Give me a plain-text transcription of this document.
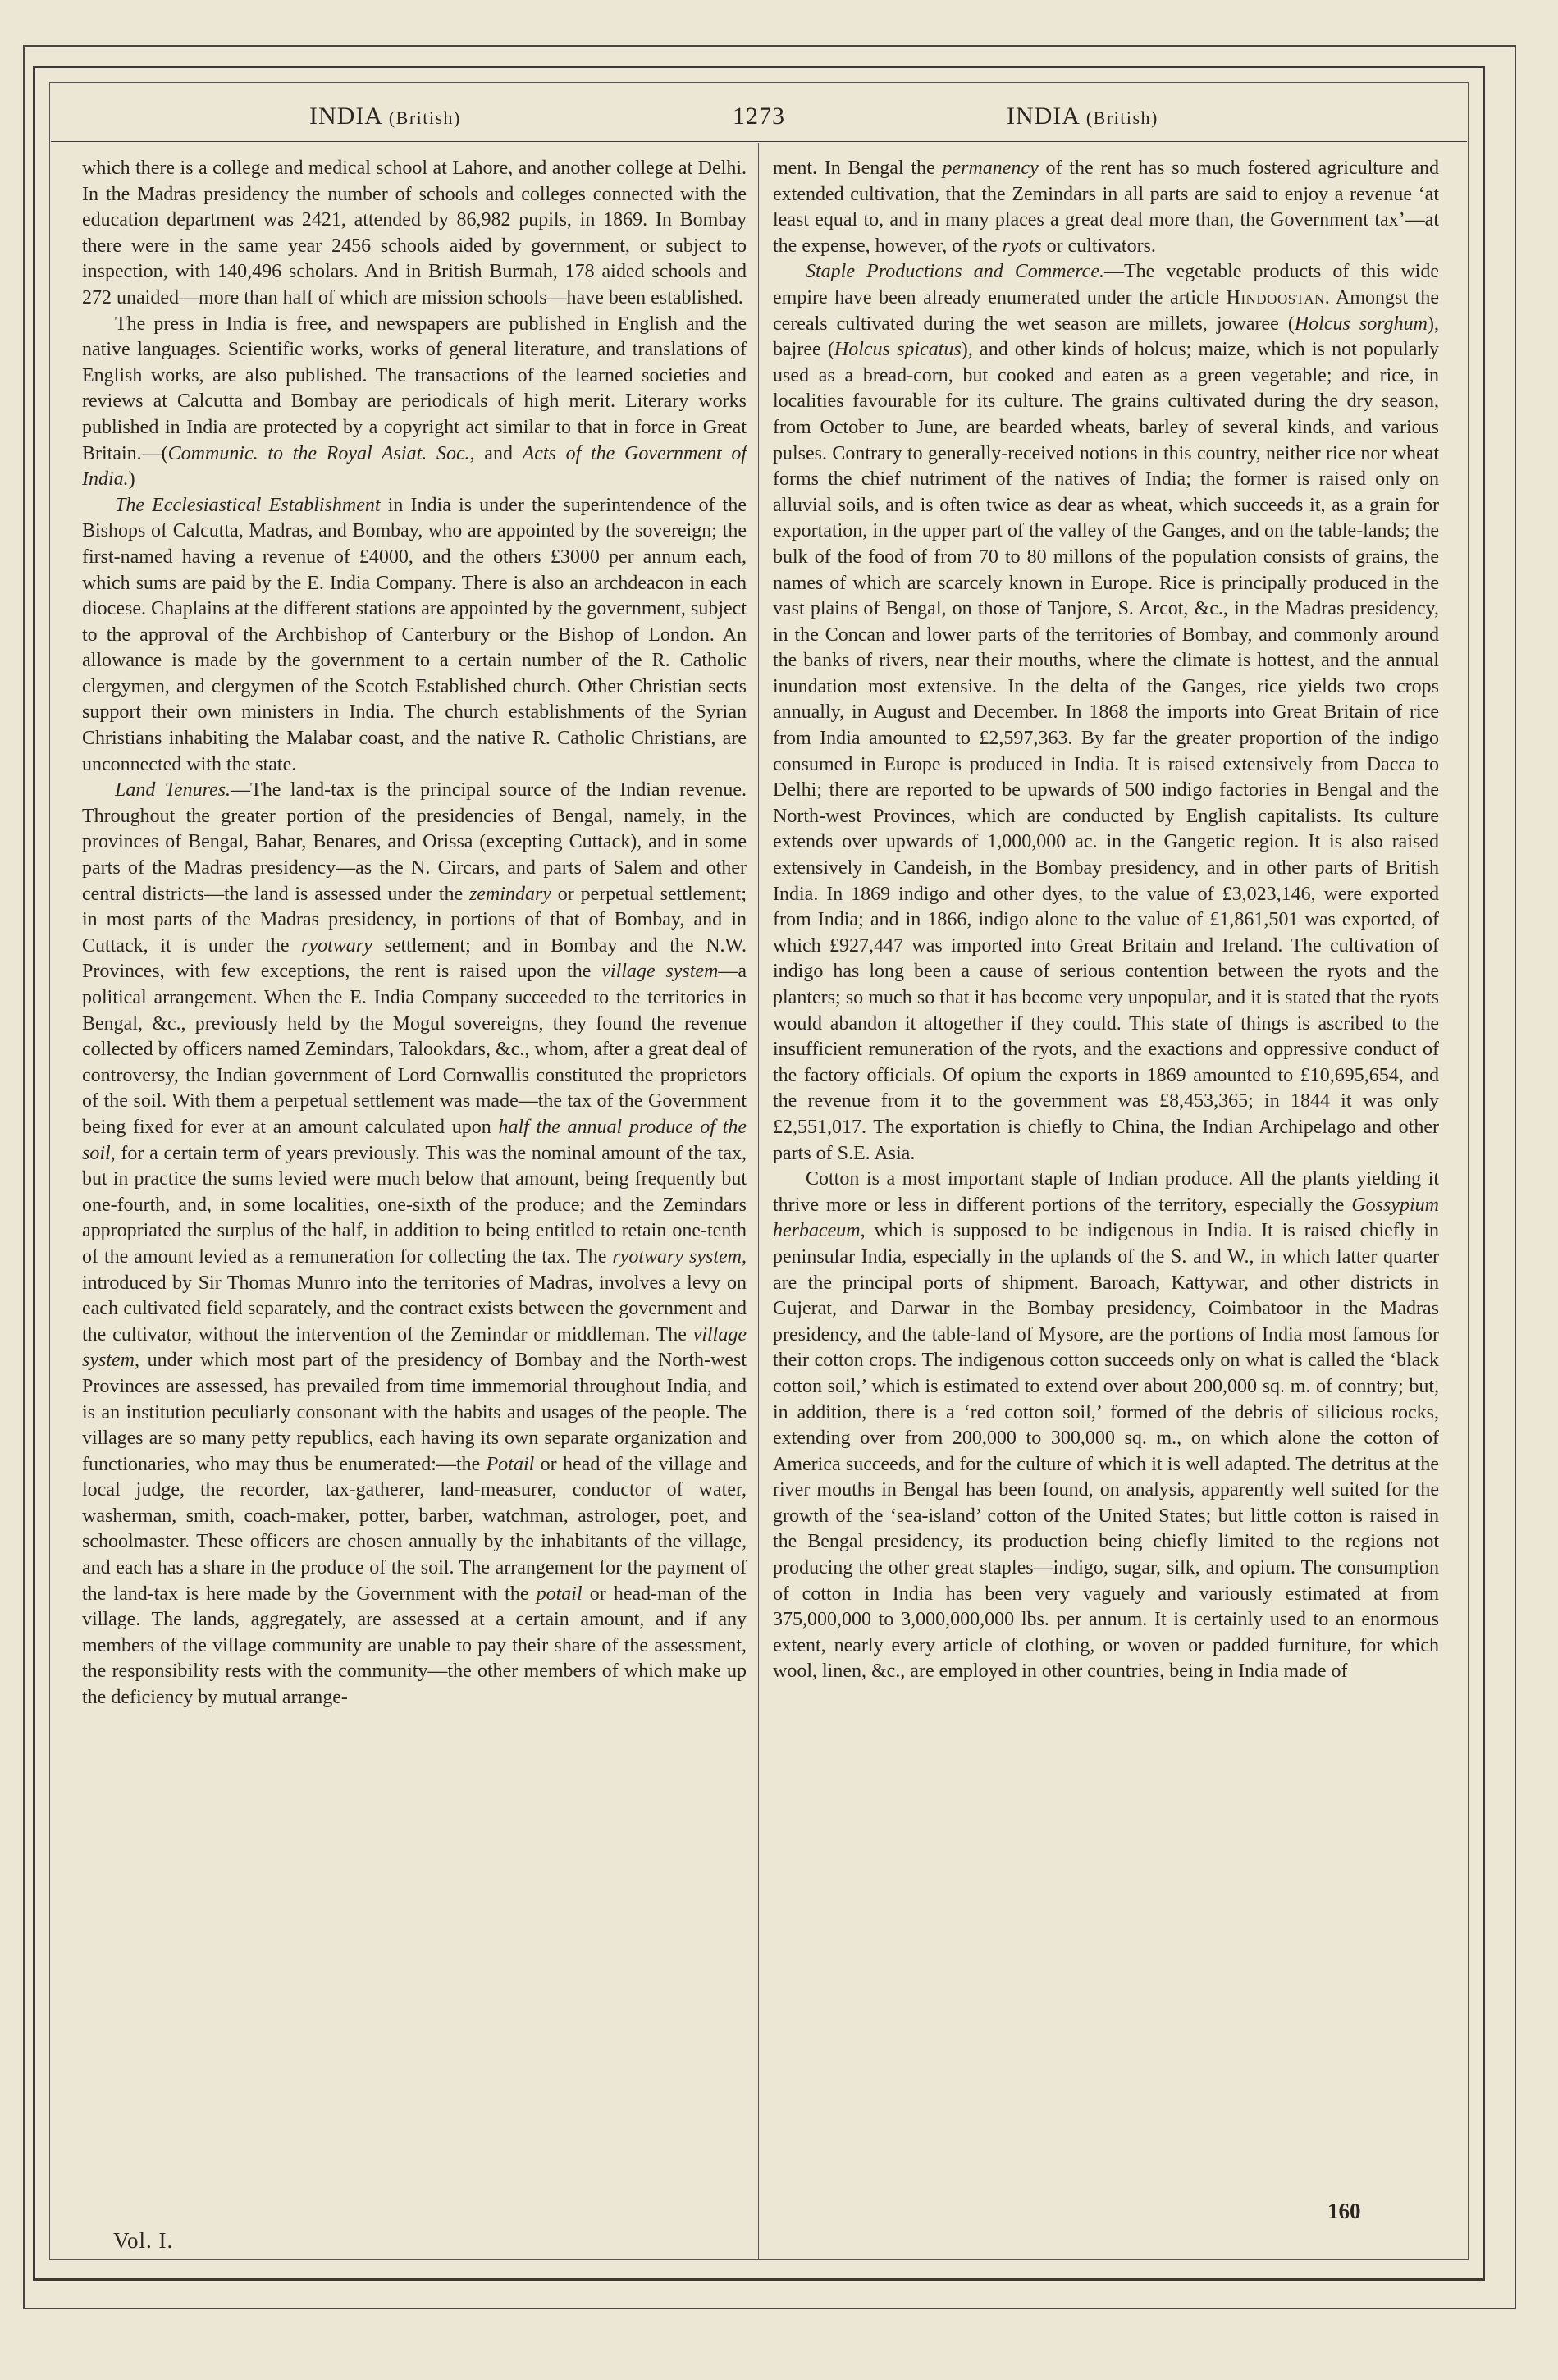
INDIA (British)	1273	INDIA (British)

which there is a college and medical school at Lahore, and another college at Delhi. In the Madras presidency the number of schools and colleges connected with the education department was 2421, attended by 86,982 pupils, in 1869. In Bombay there were in the same year 2456 schools aided by government, or subject to inspection, with 140,496 scholars. And in British Burmah, 178 aided schools and 272 unaided—more than half of which are mission schools—have been established.

The press in India is free, and newspapers are published in English and the native languages. Scientific works, works of general literature, and translations of English works, are also published. The transactions of the learned societies and reviews at Calcutta and Bombay are periodicals of high merit. Literary works published in India are protected by a copyright act similar to that in force in Great Britain.—(Communic. to the Royal Asiat. Soc., and Acts of the Government of India.)

The Ecclesiastical Establishment in India is under the superintendence of the Bishops of Calcutta, Madras, and Bombay, who are appointed by the sovereign; the first-named having a revenue of £4000, and the others £3000 per annum each, which sums are paid by the E. India Company. There is also an archdeacon in each diocese. Chaplains at the different stations are appointed by the government, subject to the approval of the Archbishop of Canterbury or the Bishop of London. An allowance is made by the government to a certain number of the R. Catholic clergymen, and clergymen of the Scotch Established church. Other Christian sects support their own ministers in India. The church establishments of the Syrian Christians inhabiting the Malabar coast, and the native R. Catholic Christians, are unconnected with the state.

Land Tenures.—The land-tax is the principal source of the Indian revenue. Throughout the greater portion of the presidencies of Bengal, namely, in the provinces of Bengal, Bahar, Benares, and Orissa (excepting Cuttack), and in some parts of the Madras presidency—as the N. Circars, and parts of Salem and other central districts—the land is assessed under the zemindary or perpetual settlement; in most parts of the Madras presidency, in portions of that of Bombay, and in Cuttack, it is under the ryotwary settlement; and in Bombay and the N.W. Provinces, with few exceptions, the rent is raised upon the village system—a political arrangement. When the E. India Company succeeded to the territories in Bengal, &c., previously held by the Mogul sovereigns, they found the revenue collected by officers named Zemindars, Talookdars, &c., whom, after a great deal of controversy, the Indian government of Lord Cornwallis constituted the proprietors of the soil. With them a perpetual settlement was made—the tax of the Government being fixed for ever at an amount calculated upon half the annual produce of the soil, for a certain term of years previously. This was the nominal amount of the tax, but in practice the sums levied were much below that amount, being frequently but one-fourth, and, in some localities, one-sixth of the produce; and the Zemindars appropriated the surplus of the half, in addition to being entitled to retain one-tenth of the amount levied as a remuneration for collecting the tax. The ryotwary system, introduced by Sir Thomas Munro into the territories of Madras, involves a levy on each cultivated field separately, and the contract exists between the government and the cultivator, without the intervention of the Zemindar or middleman. The village system, under which most part of the presidency of Bombay and the North-west Provinces are assessed, has prevailed from time immemorial throughout India, and is an institution peculiarly consonant with the habits and usages of the people. The villages are so many petty republics, each having its own separate organization and functionaries, who may thus be enumerated:—the Potail or head of the village and local judge, the recorder, tax-gatherer, land-measurer, conductor of water, washerman, smith, coach-maker, potter, barber, watchman, astrologer, poet, and schoolmaster. These officers are chosen annually by the inhabitants of the village, and each has a share in the produce of the soil. The arrangement for the payment of the land-tax is here made by the Government with the potail or head-man of the village. The lands, aggregately, are assessed at a certain amount, and if any members of the village community are unable to pay their share of the assessment, the responsibility rests with the community—the other members of which make up the deficiency by mutual arrange-

ment. In Bengal the permanency of the rent has so much fostered agriculture and extended cultivation, that the Zemindars in all parts are said to enjoy a revenue ‘at least equal to, and in many places a great deal more than, the Government tax’—at the expense, however, of the ryots or cultivators.

Staple Productions and Commerce.—The vegetable products of this wide empire have been already enumerated under the article Hindoostan. Amongst the cereals cultivated during the wet season are millets, jowaree (Holcus sorghum), bajree (Holcus spicatus), and other kinds of holcus; maize, which is not popularly used as a bread-corn, but cooked and eaten as a green vegetable; and rice, in localities favourable for its culture. The grains cultivated during the dry season, from October to June, are bearded wheats, barley of several kinds, and various pulses. Contrary to generally-received notions in this country, neither rice nor wheat forms the chief nutriment of the natives of India; the former is raised only on alluvial soils, and is often twice as dear as wheat, which succeeds it, as a grain for exportation, in the upper part of the valley of the Ganges, and on the table-lands; the bulk of the food of from 70 to 80 millons of the population consists of grains, the names of which are scarcely known in Europe. Rice is principally produced in the vast plains of Bengal, on those of Tanjore, S. Arcot, &c., in the Madras presidency, in the Concan and lower parts of the territories of Bombay, and commonly around the banks of rivers, near their mouths, where the climate is hottest, and the annual inundation most extensive. In the delta of the Ganges, rice yields two crops annually, in August and December. In 1868 the imports into Great Britain of rice from India amounted to £2,597,363. By far the greater proportion of the indigo consumed in Europe is produced in India. It is raised extensively from Dacca to Delhi; there are reported to be upwards of 500 indigo factories in Bengal and the North-west Provinces, which are conducted by English capitalists. Its culture extends over upwards of 1,000,000 ac. in the Gangetic region. It is also raised extensively in Candeish, in the Bombay presidency, and in other parts of British India. In 1869 indigo and other dyes, to the value of £3,023,146, were exported from India; and in 1866, indigo alone to the value of £1,861,501 was exported, of which £927,447 was imported into Great Britain and Ireland. The cultivation of indigo has long been a cause of serious contention between the ryots and the planters; so much so that it has become very unpopular, and it is stated that the ryots would abandon it altogether if they could. This state of things is ascribed to the insufficient remuneration of the ryots, and the exactions and oppressive conduct of the factory officials. Of opium the exports in 1869 amounted to £10,695,654, and the revenue from it to the government was £8,453,365; in 1844 it was only £2,551,017. The exportation is chiefly to China, the Indian Archipelago and other parts of S.E. Asia.

Cotton is a most important staple of Indian produce. All the plants yielding it thrive more or less in different portions of the territory, especially the Gossypium herbaceum, which is supposed to be indigenous in India. It is raised chiefly in peninsular India, especially in the uplands of the S. and W., in which latter quarter are the principal ports of shipment. Baroach, Kattywar, and other districts in Gujerat, and Darwar in the Bombay presidency, Coimbatoor in the Madras presidency, and the table-land of Mysore, are the portions of India most famous for their cotton crops. The indigenous cotton succeeds only on what is called the ‘black cotton soil,’ which is estimated to extend over about 200,000 sq. m. of conntry; but, in addition, there is a ‘red cotton soil,’ formed of the debris of silicious rocks, extending over from 200,000 to 300,000 sq. m., on which alone the cotton of America succeeds, and for the culture of which it is well adapted. The detritus at the river mouths in Bengal has been found, on analysis, apparently well suited for the growth of the ‘sea-island’ cotton of the United States; but little cotton is raised in the Bengal presidency, its production being chiefly limited to the regions not producing the other great staples—indigo, sugar, silk, and opium. The consumption of cotton in India has been very vaguely and variously estimated at from 375,000,000 to 3,000,000,000 lbs. per annum. It is certainly used to an enormous extent, nearly every article of clothing, or woven or padded furniture, for which wool, linen, &c., are employed in other countries, being in India made of

Vol. I.
160
